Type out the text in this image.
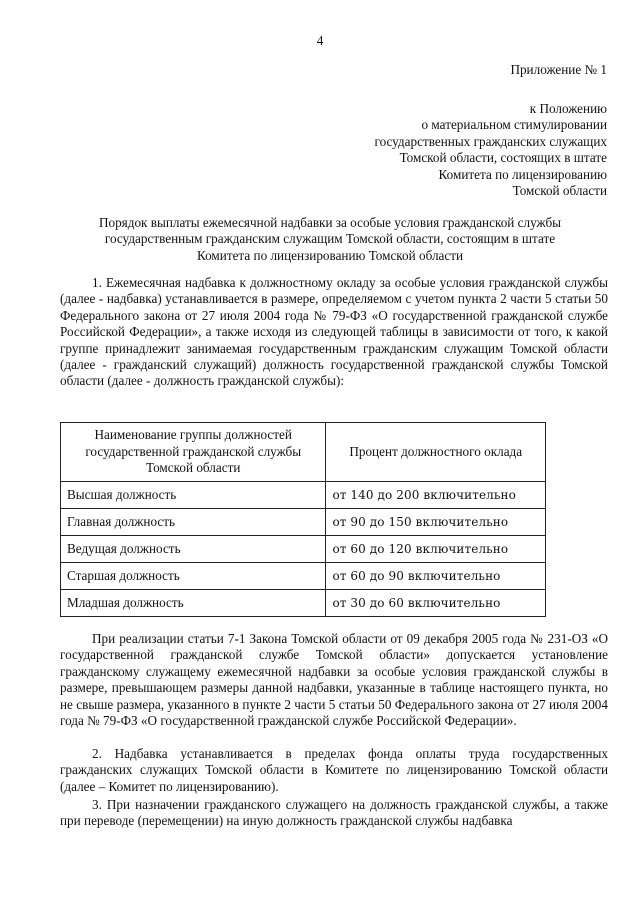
4
Приложение № 1
к Положению
о материальном стимулировании
государственных гражданских служащих
Томской области, состоящих в штате
Комитета по лицензированию
Томской области
Порядок выплаты ежемесячной надбавки за особые условия гражданской службы
государственным гражданским служащим Томской области, состоящим в штате
Комитета по лицензированию Томской области

1. Ежемесячная надбавка к должностному окладу за особые условия гражданской службы (далее - надбавка) устанавливается в размере, определяемом с учетом пункта 2 части 5 статьи 50 Федерального закона от 27 июля 2004 года № 79-ФЗ «О государственной гражданской службе Российской Федерации», а также исходя из следующей таблицы в зависимости от того, к какой группе принадлежит занимаемая государственным гражданским служащим Томской области (далее - гражданский служащий) должность государственной гражданской службы Томской области (далее - должность гражданской службы):

Наименование группы должностей государственной гражданской службы Томской области	Процент должностного оклада
Высшая должность	от 140 до 200 включительно
Главная должность	от 90 до 150 включительно
Ведущая должность	от 60 до 120 включительно
Старшая должность	от 60 до 90 включительно
Младшая должность	от 30 до 60 включительно

При реализации статьи 7-1 Закона Томской области от 09 декабря 2005 года № 231-ОЗ «О государственной гражданской службе Томской области» допускается установление гражданскому служащему ежемесячной надбавки за особые условия гражданской службы в размере, превышающем размеры данной надбавки, указанные в таблице настоящего пункта, но не свыше размера, указанного в пункте 2 части 5 статьи 50 Федерального закона от 27 июля 2004 года № 79-ФЗ «О государственной гражданской службе Российской Федерации».

2. Надбавка устанавливается в пределах фонда оплаты труда государственных гражданских служащих Томской области в Комитете по лицензированию Томской области (далее – Комитет по лицензированию).

3. При назначении гражданского служащего на должность гражданской службы, а также при переводе (перемещении) на иную должность гражданской службы надбавка
